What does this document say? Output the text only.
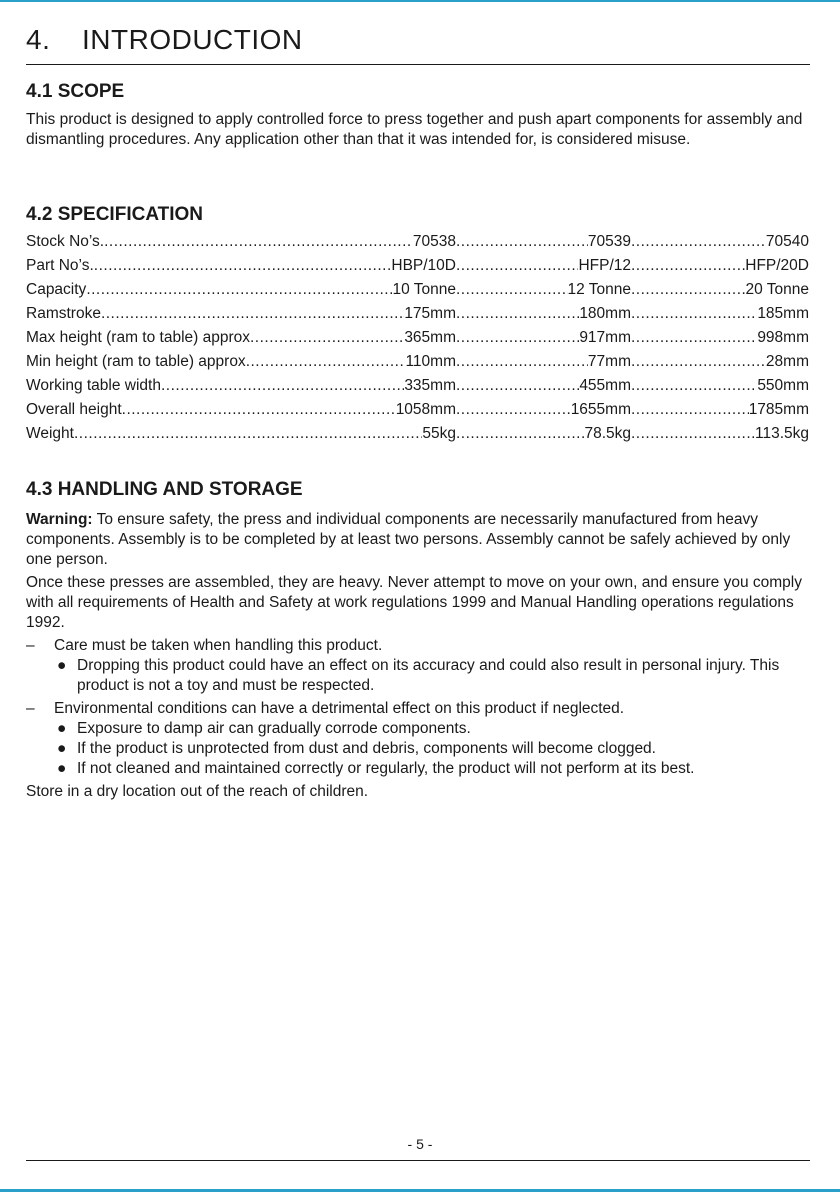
4. INTRODUCTION
4.1 SCOPE

This product is designed to apply controlled force to press together and push apart components for assembly and dismantling procedures. Any application other than that it was intended for, is considered misuse.

4.2 SPECIFICATION
Stock No’s. .....	70538 .....	70539 .....	70540
Part No’s. .....	HBP/10D .....	HFP/12 .....	HFP/20D
Capacity .....	10 Tonne .....	12 Tonne .....	20 Tonne
Ramstroke .....	175mm .....	180mm .....	185mm
Max height (ram to table) approx .....	365mm .....	917mm .....	998mm
Min height (ram to table) approx .....	110mm .....	77mm .....	28mm
Working table width .....	335mm .....	455mm .....	550mm
Overall height .....	1058mm .....	1655mm .....	1785mm
Weight .....	55kg .....	78.5kg .....	113.5kg
4.3 HANDLING AND STORAGE

Warning: To ensure safety, the press and individual components are necessarily manufactured from heavy components. Assembly is to be completed by at least two persons. Assembly cannot be safely achieved by only one person.

Once these presses are assembled, they are heavy. Never attempt to move on your own, and ensure you comply with all requirements of Health and Safety at work regulations 1999 and Manual Handling operations regulations 1992.

–	Care must be taken when handling this product.
● Dropping this product could have an effect on its accuracy and could also result in personal injury. This product is not a toy and must be respected.
–	Environmental conditions can have a detrimental effect on this product if neglected.
● Exposure to damp air can gradually corrode components.
● If the product is unprotected from dust and debris, components will become clogged.
● If not cleaned and maintained correctly or regularly, the product will not perform at its best.

Store in a dry location out of the reach of children.

- 5 -
